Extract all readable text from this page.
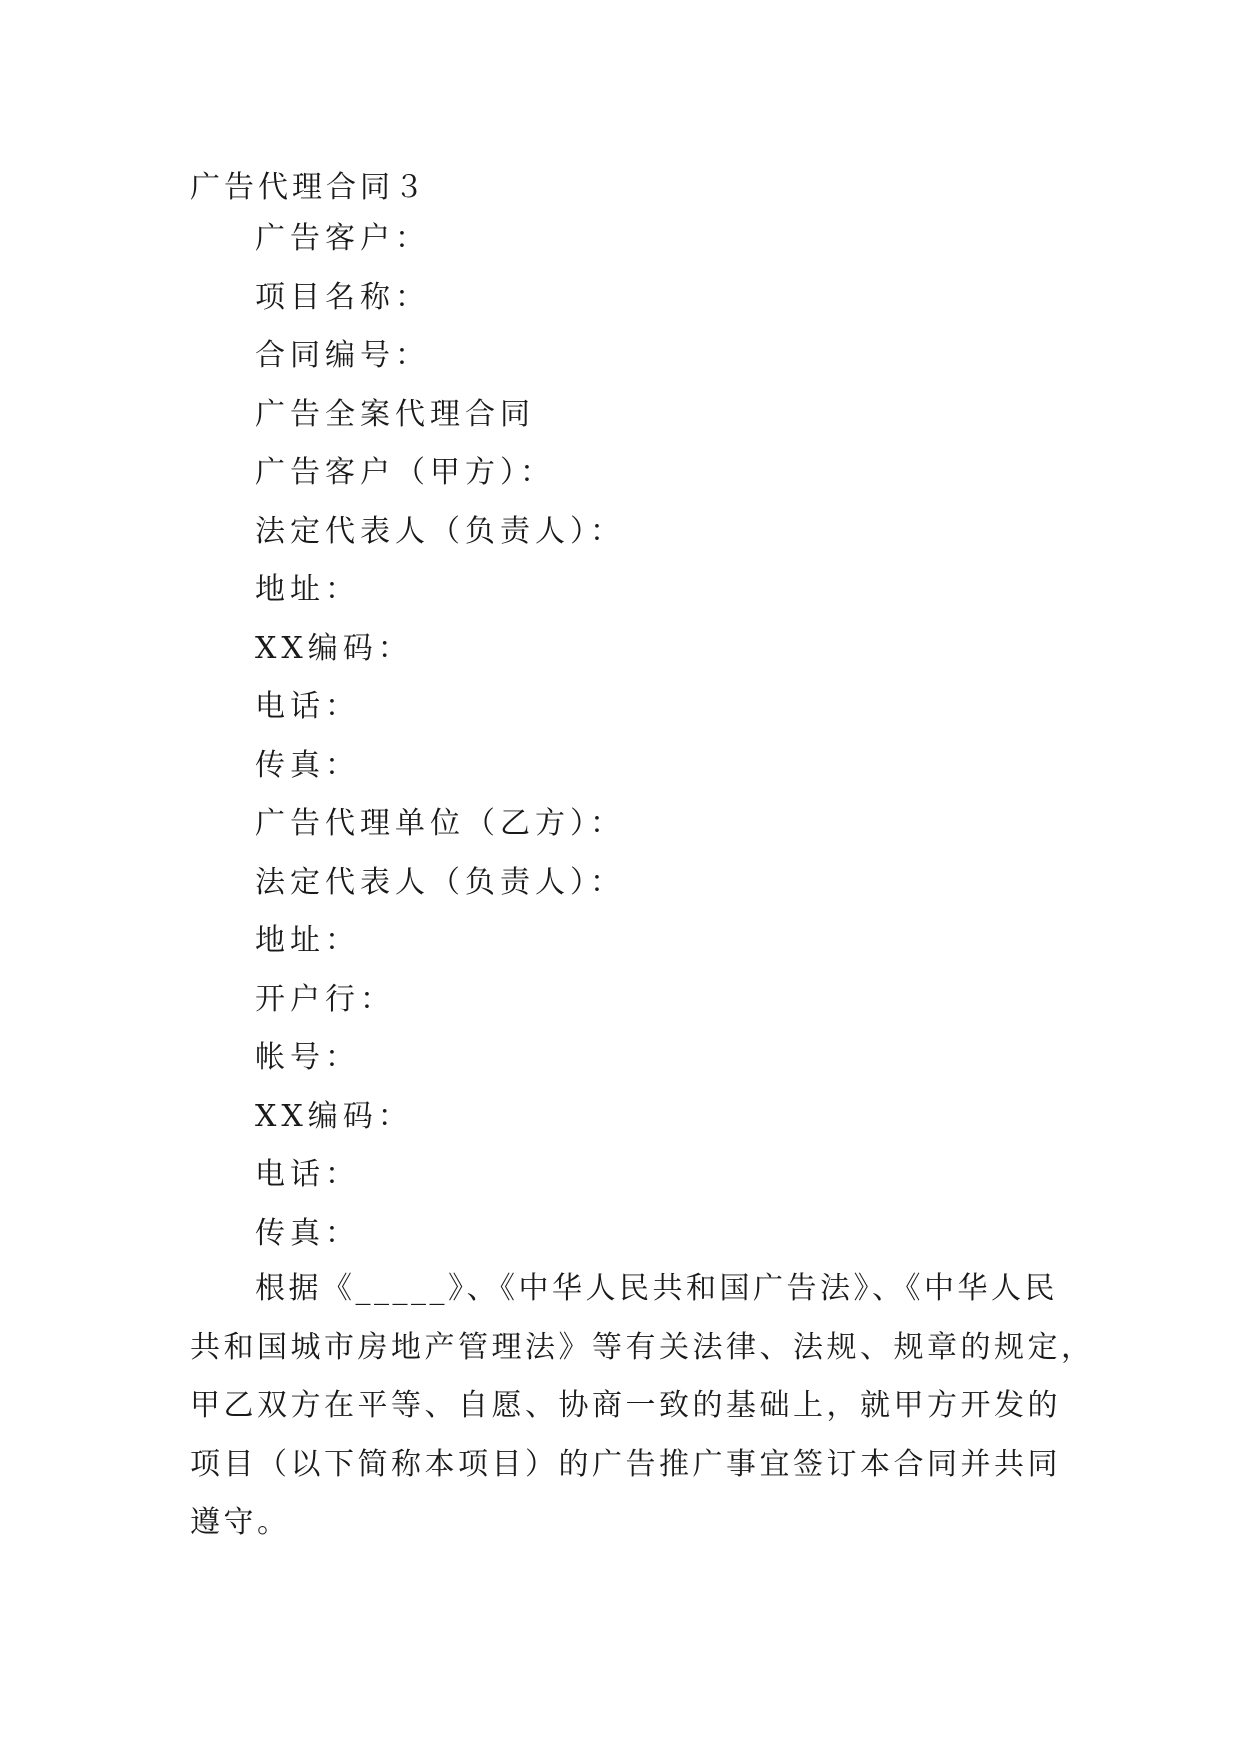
广告代理合同３
广告客户：
项目名称：
合同编号：
广告全案代理合同
广告客户（甲方）：
法定代表人（负责人）：
地址：
XX编码：
电话：
传真：
广告代理单位（乙方）：
法定代表人（负责人）：
地址：
开户行：
帐号：
XX编码：
电话：
传真：
根据《_____》、《中华人民共和国广告法》、《中华人民
共和国城市房地产管理法》等有关法律、法规、规章的规定，
甲乙双方在平等、自愿、协商一致的基础上，就甲方开发的
项目（以下简称本项目）的广告推广事宜签订本合同并共同
遵守。
